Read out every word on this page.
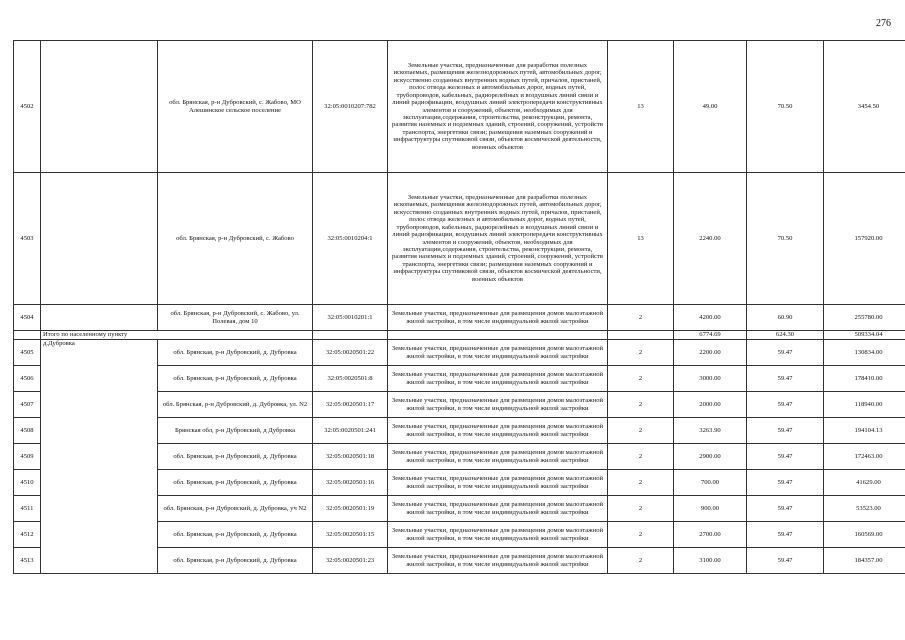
276
4502		обл. Брянская, р-н Дубровский, с. Жабово, МО Алешинское сельское поселение	32:05:0010207:782	Земельные участки, предназначенные для разработки полезных ископаемых, размещения железнодорожных путей, автомобильных дорог, искусственно созданных внутренних водных путей, причалов, пристаней, полос отвода железных и автомобильных дорог, водных путей, трубопроводов, кабельных, радиорелейных и воздушных линий связи и линий радиофикации, воздушных линий электропередачи конструктивных элементов и сооружений, объектов, необходимых для эксплуатации,содержания, строительства, реконструкции, ремонта, развития наземных и подземных зданий, строений, сооружений, устройств транспорта, энергетики связи; размещения наземных сооружений и инфраструктуры спутниковой связи, объектов космической деятельности, военных объектов	13	49.00	70.50	3454.50
4503		обл. Брянская, р-н Дубровский, с. Жабово	32:05:0010204:1	Земельные участки, предназначенные для разработки полезных ископаемых, размещения железнодорожных путей, автомобильных дорог, искусственно созданных внутренних водных путей, причалов, пристаней, полос отвода железных и автомобильных дорог, водных путей, трубопроводов, кабельных, радиорелейных и воздушных линий связи и линий радиофикации, воздушных линий электропередачи конструктивных элементов и сооружений, объектов, необходимых для эксплуатации,содержания, строительства, реконструкции, ремонта, развития наземных и подземных зданий, строений, сооружений, устройств транспорта, энергетики связи; размещения наземных сооружений и инфраструктуры спутниковой связи, объектов космической деятельности, военных объектов	13	2240.00	70.50	157920.00
4504		обл. Брянская, р-н Дубровский, с. Жабово, ул. Полевая, дом 10	32:05:0010201:1	Земельные участки, предназначенные для размещения домов малоэтажной жилой застройки, в том числе индивидуальной жилой застройки	2	4200.00	60.90	255780.00
	Итого по населенному пункту					6774.69	624.30	509334.04
4505	д.Дубровка	обл. Брянская, р-н Дубровский, д. Дубровка	32:05:0020501:22	Земельные участки, предназначенные для размещения домов малоэтажной жилой застройки, в том числе индивидуальной жилой застройки	2	2200.00	59.47	130834.00
4506		обл. Брянская, р-н Дубровский, д. Дубровка	32:05:0020501:8	Земельные участки, предназначенные для размещения домов малоэтажной жилой застройки, в том числе индивидуальной жилой застройки	2	3000.00	59.47	178410.00
4507		обл. Брянская, р-н Дубровский, д. Дубровка, ул. N2	32:05:0020501:17	Земельные участки, предназначенные для размещения домов малоэтажной жилой застройки, в том числе индивидуальной жилой застройки	2	2000.00	59.47	118940.00
4508		Брянская обл, р-н Дубровский, д Дубровка	32:05:0020501:241	Земельные участки, предназначенные для размещения домов малоэтажной жилой застройки, в том числе индивидуальной жилой застройки	2	3263.90	59.47	194104.13
4509		обл. Брянская, р-н Дубровский, д. Дубровка	32:05:0020501:18	Земельные участки, предназначенные для размещения домов малоэтажной жилой застройки, в том числе индивидуальной жилой застройки	2	2900.00	59.47	172463.00
4510		обл. Брянская, р-н Дубровский, д. Дубровка	32:05:0020501:16	Земельные участки, предназначенные для размещения домов малоэтажной жилой застройки, в том числе индивидуальной жилой застройки	2	700.00	59.47	41629.00
4511		обл. Брянская, р-н Дубровский, д. Дубровка, уч N2	32:05:0020501:19	Земельные участки, предназначенные для размещения домов малоэтажной жилой застройки, в том числе индивидуальной жилой застройки	2	900.00	59.47	53523.00
4512		обл. Брянская, р-н Дубровский, д. Дубровка	32:05:0020501:15	Земельные участки, предназначенные для размещения домов малоэтажной жилой застройки, в том числе индивидуальной жилой застройки	2	2700.00	59.47	160569.00
4513		обл. Брянская, р-н Дубровский, д. Дубровка	32:05:0020501:23	Земельные участки, предназначенные для размещения домов малоэтажной жилой застройки, в том числе индивидуальной жилой застройки	2	3100.00	59.47	184357.00
